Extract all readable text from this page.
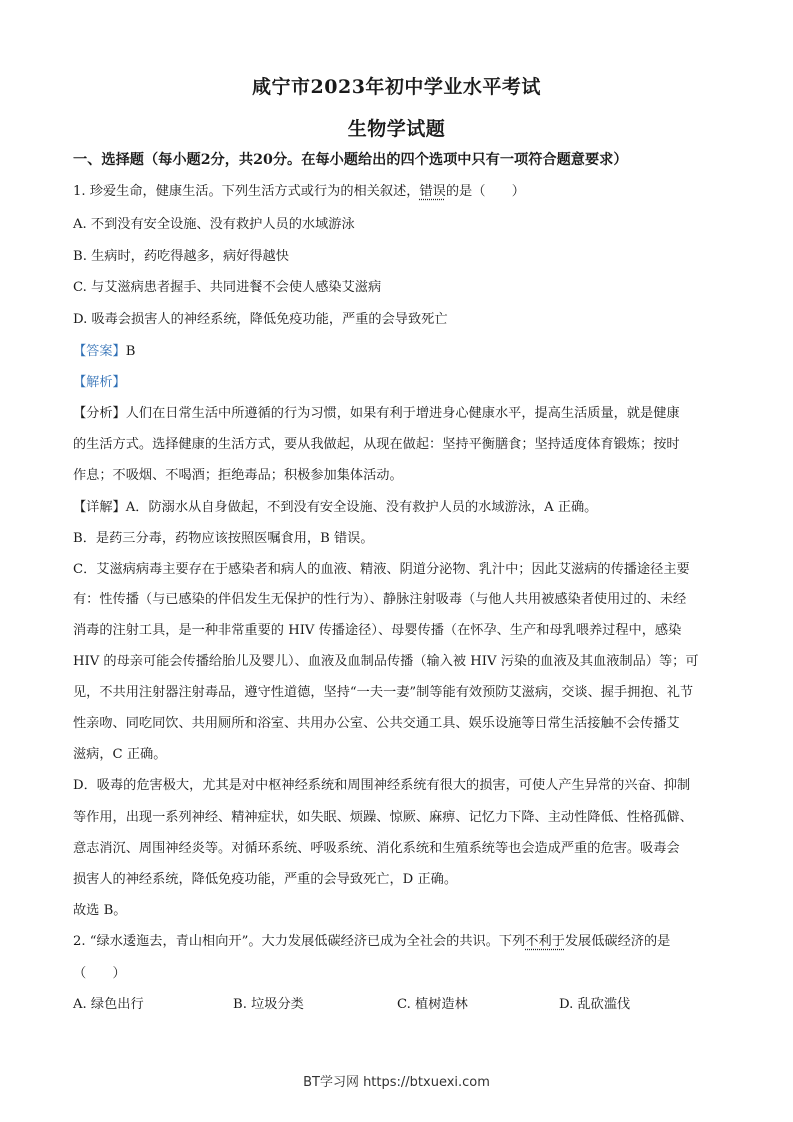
咸宁市2023年初中学业水平考试
生物学试题
一、选择题（每小题2分，共20分。在每小题给出的四个选项中只有一项符合题意要求）
1. 珍爱生命，健康生活。下列生活方式或行为的相关叙述，错误的是（　　）
A. 不到没有安全设施、没有救护人员的水域游泳
B. 生病时，药吃得越多，病好得越快
C. 与艾滋病患者握手、共同进餐不会使人感染艾滋病
D. 吸毒会损害人的神经系统，降低免疫功能，严重的会导致死亡
【答案】B
【解析】
【分析】人们在日常生活中所遵循的行为习惯，如果有利于增进身心健康水平，提高生活质量，就是健康
的生活方式。选择健康的生活方式，要从我做起，从现在做起：坚持平衡膳食；坚持适度体育锻炼；按时
作息；不吸烟、不喝酒；拒绝毒品；积极参加集体活动。
【详解】A．防溺水从自身做起，不到没有安全设施、没有救护人员的水域游泳，A 正确。
B．是药三分毒，药物应该按照医嘱食用，B 错误。
C．艾滋病病毒主要存在于感染者和病人的血液、精液、阴道分泌物、乳汁中；因此艾滋病的传播途径主要
有：性传播（与已感染的伴侣发生无保护的性行为）、静脉注射吸毒（与他人共用被感染者使用过的、未经
消毒的注射工具，是一种非常重要的 HIV 传播途径）、母婴传播（在怀孕、生产和母乳喂养过程中，感染
HIV 的母亲可能会传播给胎儿及婴儿）、血液及血制品传播（输入被 HIV 污染的血液及其血液制品）等；可
见，不共用注射器注射毒品，遵守性道德，坚持“一夫一妻”制等能有效预防艾滋病，交谈、握手拥抱、礼节
性亲吻、同吃同饮、共用厕所和浴室、共用办公室、公共交通工具、娱乐设施等日常生活接触不会传播艾
滋病，C 正确。
D．吸毒的危害极大，尤其是对中枢神经系统和周围神经系统有很大的损害，可使人产生异常的兴奋、抑制
等作用，出现一系列神经、精神症状，如失眠、烦躁、惊厥、麻痹、记忆力下降、主动性降低、性格孤僻、
意志消沉、周围神经炎等。对循环系统、呼吸系统、消化系统和生殖系统等也会造成严重的危害。吸毒会
损害人的神经系统，降低免疫功能，严重的会导致死亡，D 正确。
故选 B。
2. “绿水逶迤去，青山相向开”。大力发展低碳经济已成为全社会的共识。下列不利于发展低碳经济的是
（　　）
A. 绿色出行	B. 垃圾分类	C. 植树造林	D. 乱砍滥伐
BT学习网 https://btxuexi.com
